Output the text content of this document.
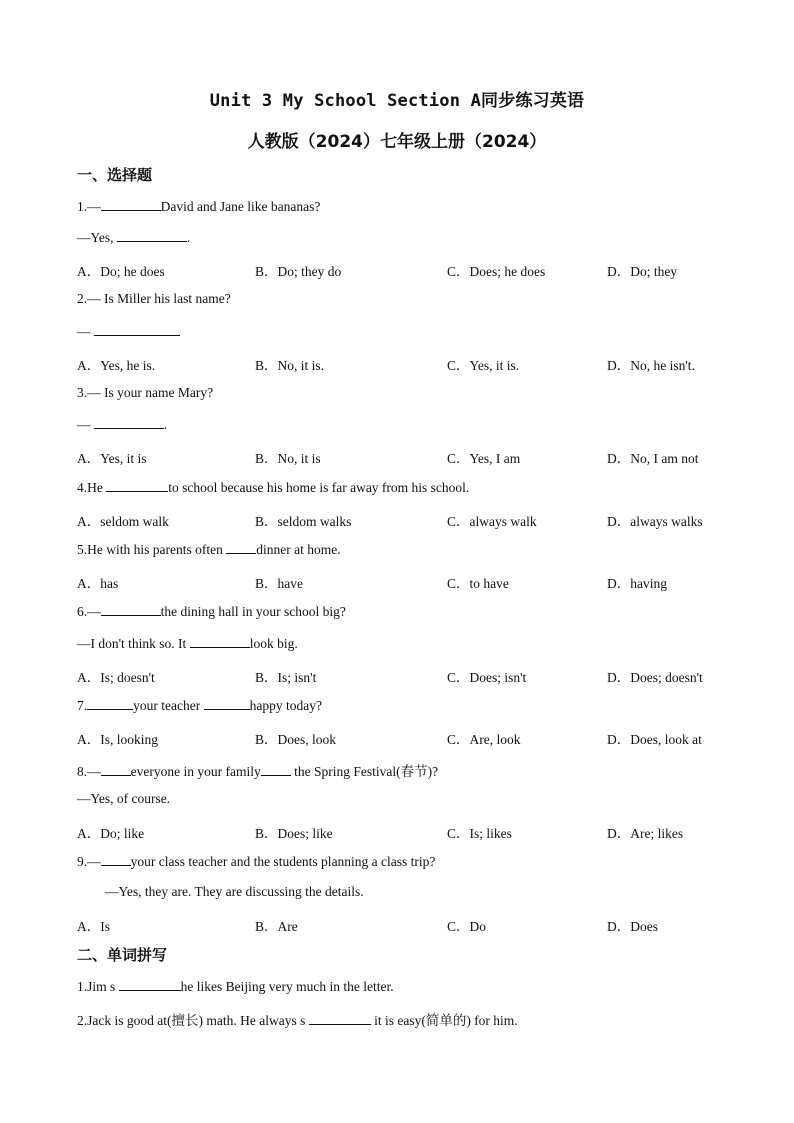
Unit 3 My School Section A同步练习英语
人教版（2024）七年级上册（2024）
一、选择题
1.—	David and Jane like bananas?
—Yes,	.
A．Do; he does	B．Do; they do	C．Does; he does	D．Do; they
2.— Is Miller his last name?
—
A．Yes, he is.	B．No, it is.	C．Yes, it is.	D．No, he isn't.
3.— Is your name Mary?
—	.
A．Yes, it is	B．No, it is	C．Yes, I am	D．No, I am not
4.He	to school because his home is far away from his school.
A．seldom walk	B．seldom walks	C．always walk	D．always walks
5.He with his parents often dinner at home.
A．has	B．have	C．to have	D．having
6.—	the dining hall in your school big?
—I don't think so. It	look big.
A．Is; doesn't	B．Is; isn't	C．Does; isn't	D．Does; doesn't
7.	your teacher	happy today?
A．Is, looking	B．Does, look	C．Are, look	D．Does, look at
8.— everyone in your family the Spring Festival(春节)?
—Yes, of course.
A．Do; like	B．Does; like	C．Is; likes	D．Are; likes
9.— your class teacher and the students planning a class trip?
—Yes, they are. They are discussing the details.
A．Is	B．Are	C．Do	D．Does
二、单词拼写
1.Jim s	he likes Beijing very much in the letter.
2.Jack is good at(擅长) math. He always s	it is easy(简单的) for him.
